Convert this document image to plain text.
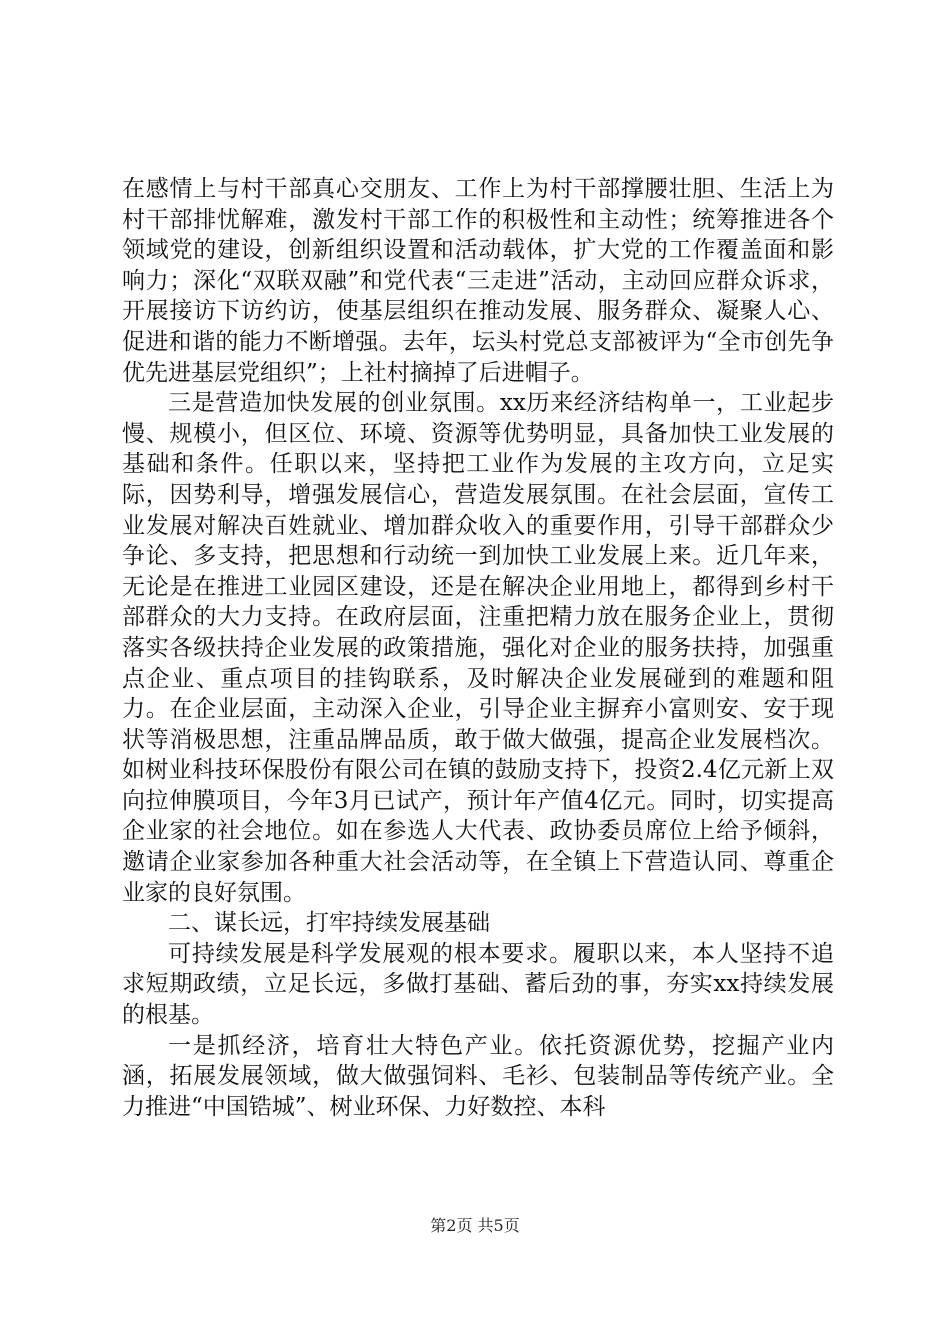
在感情上与村干部真心交朋友、工作上为村干部撑腰壮胆、生活上为村干部排忧解难，激发村干部工作的积极性和主动性；统筹推进各个领域党的建设，创新组织设置和活动载体，扩大党的工作覆盖面和影响力；深化“双联双融”和党代表“三走进”活动，主动回应群众诉求，开展接访下访约访，使基层组织在推动发展、服务群众、凝聚人心、促进和谐的能力不断增强。去年，坛头村党总支部被评为“全市创先争优先进基层党组织”；上社村摘掉了后进帽子。

三是营造加快发展的创业氛围。xx历来经济结构单一，工业起步慢、规模小，但区位、环境、资源等优势明显，具备加快工业发展的基础和条件。任职以来，坚持把工业作为发展的主攻方向，立足实际，因势利导，增强发展信心，营造发展氛围。在社会层面，宣传工业发展对解决百姓就业、增加群众收入的重要作用，引导干部群众少争论、多支持，把思想和行动统一到加快工业发展上来。近几年来，无论是在推进工业园区建设，还是在解决企业用地上，都得到乡村干部群众的大力支持。在政府层面，注重把精力放在服务企业上，贯彻落实各级扶持企业发展的政策措施，强化对企业的服务扶持，加强重点企业、重点项目的挂钩联系，及时解决企业发展碰到的难题和阻力。在企业层面，主动深入企业，引导企业主摒弃小富则安、安于现状等消极思想，注重品牌品质，敢于做大做强，提高企业发展档次。如树业科技环保股份有限公司在镇的鼓励支持下，投资2.4亿元新上双向拉伸膜项目，今年3月已试产，预计年产值4亿元。同时，切实提高企业家的社会地位。如在参选人大代表、政协委员席位上给予倾斜，邀请企业家参加各种重大社会活动等，在全镇上下营造认同、尊重企业家的良好氛围。

二、谋长远，打牢持续发展基础

可持续发展是科学发展观的根本要求。履职以来，本人坚持不追求短期政绩，立足长远，多做打基础、蓄后劲的事，夯实xx持续发展的根基。

一是抓经济，培育壮大特色产业。依托资源优势，挖掘产业内涵，拓展发展领域，做大做强饲料、毛衫、包装制品等传统产业。全力推进“中国锆城”、树业环保、力好数控、本科

第2页 共5页
